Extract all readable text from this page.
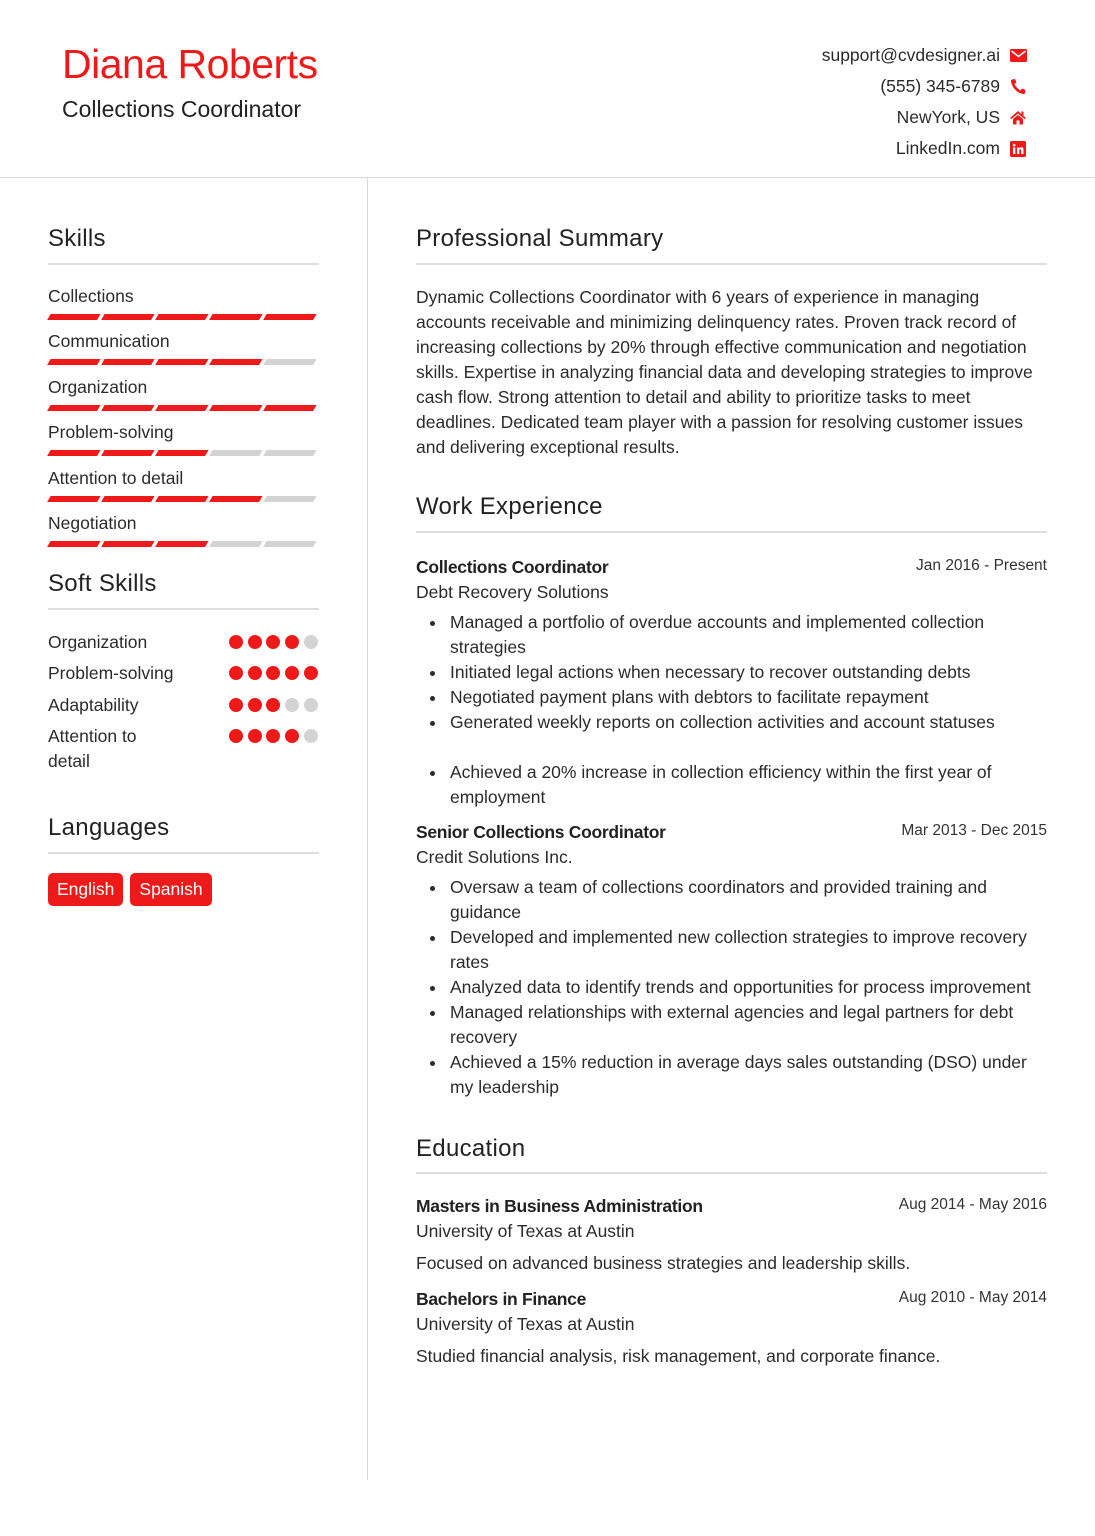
Diana Roberts
Collections Coordinator
support@cvdesigner.ai
(555) 345-6789
NewYork, US
LinkedIn.com
Skills
Collections
Communication
Organization
Problem-solving
Attention to detail
Negotiation
Soft Skills
Organization
Problem-solving
Adaptability
Attention to detail
Languages
English	Spanish
Professional Summary

Dynamic Collections Coordinator with 6 years of experience in managing accounts receivable and minimizing delinquency rates. Proven track record of increasing collections by 20% through effective communication and negotiation skills. Expertise in analyzing financial data and developing strategies to improve cash flow. Strong attention to detail and ability to prioritize tasks to meet deadlines. Dedicated team player with a passion for resolving customer issues and delivering exceptional results.

Work Experience
Collections Coordinator	Jan 2016 - Present
Debt Recovery Solutions
Managed a portfolio of overdue accounts and implemented collection strategies
Initiated legal actions when necessary to recover outstanding debts
Negotiated payment plans with debtors to facilitate repayment
Generated weekly reports on collection activities and account statuses
Achieved a 20% increase in collection efficiency within the first year of employment
Senior Collections Coordinator	Mar 2013 - Dec 2015
Credit Solutions Inc.
Oversaw a team of collections coordinators and provided training and guidance
Developed and implemented new collection strategies to improve recovery rates
Analyzed data to identify trends and opportunities for process improvement
Managed relationships with external agencies and legal partners for debt recovery
Achieved a 15% reduction in average days sales outstanding (DSO) under my leadership
Education
Masters in Business Administration	Aug 2014 - May 2016
University of Texas at Austin
Focused on advanced business strategies and leadership skills.
Bachelors in Finance	Aug 2010 - May 2014
University of Texas at Austin
Studied financial analysis, risk management, and corporate finance.
